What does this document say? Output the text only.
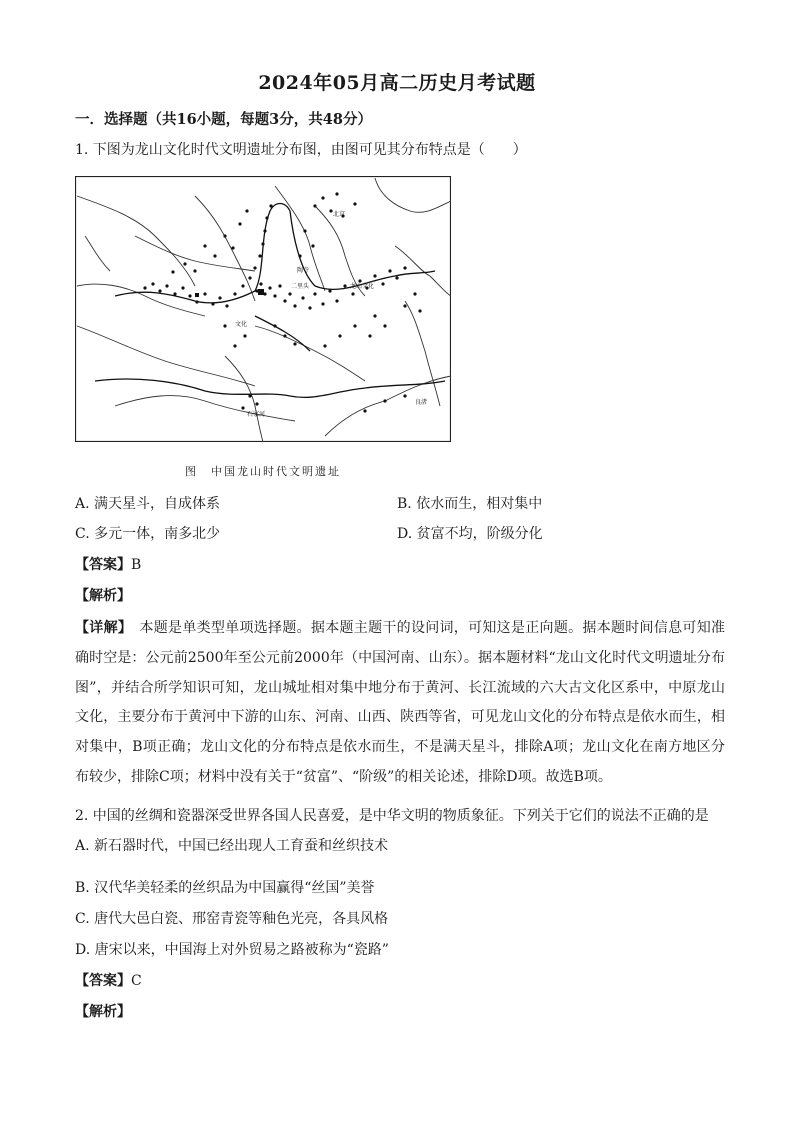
2024年05月高二历史月考试题
一．选择题（共16小题，每题3分，共48分）
1. 下图为龙山文化时代文明遗址分布图，由图可见其分布特点是（　　）
北京
龙山文化
陶寺
二里头
文化
良渚
石家河
图　中国龙山时代文明遗址
A. 满天星斗，自成体系	B. 依水而生，相对集中
C. 多元一体，南多北少	D. 贫富不均，阶级分化
【答案】B
【解析】
【详解】　 本题是单类型单项选择题。据本题主题干的设问词，可知这是正向题。据本题时间信息可知准确时空是：公元前2500年至公元前2000年（中国河南、山东）。据本题材料“龙山文化时代文明遗址分布图”，并结合所学知识可知，龙山城址相对集中地分布于黄河、长江流域的六大古文化区系中，中原龙山文化，主要分布于黄河中下游的山东、河南、山西、陕西等省，可见龙山文化的分布特点是依水而生，相对集中，B项正确；龙山文化的分布特点是依水而生，不是满天星斗，排除A项；龙山文化在南方地区分布较少，排除C项；材料中没有关于“贫富”、“阶级”的相关论述，排除D项。故选B项。
2. 中国的丝绸和瓷器深受世界各国人民喜爱，是中华文明的物质象征。下列关于它们的说法不正确的是
A. 新石器时代，中国已经出现人工育蚕和丝织技术
B. 汉代华美轻柔的丝织品为中国赢得“丝国”美誉
C. 唐代大邑白瓷、邢窑青瓷等釉色光亮，各具风格
D. 唐宋以来，中国海上对外贸易之路被称为“瓷路”
【答案】C
【解析】
